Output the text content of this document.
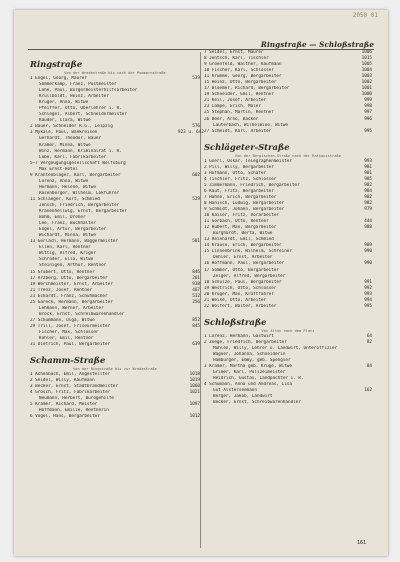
2050 01
Ringstraße — Schloßstraße
Ringstraße
Von der Wredestraße bis nach der Pommernstraße
1 Engel, Georg, Maurer	539
Sommerkamp, Franz, Postmeister
Lohe, Paul, Bürgermeisterhilfsarbeiter
Krullboldt, Heinz, Arbeiter
Krüger, Anna, Witwe
Pfeiffer, Otto, Oberlehrer i. R.
Schlegel, Albert, Schneidermeister
Kauder, Clara, Witwe
2 Bauer, Schneider R.G., Leipzig	576
3 Mykale, Paul, Bankreisen	923 u. 642
Gerhardt, Theodor, Bauer
Krämer, Minna, Witwe
Winz, Hermann, Kriminalrat i. R.
Lube, Karl, Fabrikarbeiter
5—7 Vergnügungsgesellschaft Wolfsburg
Max Ernst-Hotel
9 Krantenbläger, Karl, Bergarbeiter	602
Lorenz, Anna, Witwe
Hermann, Helene, Witwe
Rosenberger, Wilhelm, Lokführer
11 Schlaeger, Kurt, Schmied	529
Jensch, Friedrich, Bergarbeiter
Kranenhellwig, Ernst, Bergarbeiter
Böhm, Emil, Dreher
Lee, Franz, Buchhalter
Engel, Artur, Bergarbeiter
Wichardt, Minna, Witwe
13 Gerlach, Hermann, Baggermeister	501
Ellen, Karl, Rentner
Wittig, Alfred, Kriger
Schröder, Ella, Witwe
Steinigen, Arthur, Rentner
15 Grubert, Otto, Rentner	846
17 Arzberg, Otto, Bergarbeiter	201
19 Werchmeister, Ernst, Arbeiter	938
21 Trenz, Josef, Rentner	467
23 Eckardt, Franz, Schuhmacher	532
25 Gareck, Hermann, Bergarbeiter	256
Lehmann, Werner, Arbeiter
Brock, Ernst, Schreibwarenhändler
27 Schummann, Olga, Witwe	852
29 Trill, Josef, Friseurmeister	845
Fischer, Max, Schlosser
Köhler, Emil, Rentner
31 Dietrich, Paul, Bergarbeiter	639
Schamm-Straße
Von der Ringstraße bis zur Wredestraße
1 Achenbach, Emil, Angestellter	1018
2 Seidel, Willy, Kaufmann	1019
3 Becker, Ernst, Stadtbrandmeister	1060
4 Grosch, Fritz, Fabrikarbeiter	1021
Neumann, Herbert, Bürogehilfe
5 Kramer, Richard, Meister	1097
Hoffmann, Emilie, Rentnerin
6 Vogel, Hans, Bergarbeiter	1012
7 Seidel, Ernst, Maurer	1006
8 Jentsch, Karl, Tischler	1015
9 Groenfeld, Walther, Kaufmann	1005
10 Fischer, Karl, Schlosser	1004
11 Krumme, Georg, Bergarbeiter	1003
15 Heinz, Otto, Bergarbeiter	1002
17 Bloemer, Richard, Bergarbeiter	1001
19 Schneider, Emil, Rentner	1000
21 Keil, Josef, Arbeiter	999
23 Lampe, Erich, Maler	998
25 Stephan, Martin, Rentner	997
26 Beer, Arno, Bäcker	996
Lauterbach, Wilhelmine, Witwe
27 Schmidt, Karl, Arbeiter	995
Schlägeter-Straße
Von der Bergischen-Straße nach der Rathausstraße
1 Gnerl, Oskar, Telegraphenmeister	993
2 Pill, Willy, Bergarbeiter	981
3 Hofmann, Otto, Schäfer	981
4 Tischler, Fritz, Schlosser	985
5 Zimmermann, Friedrich, Bergarbeiter	982
6 Kaut, Fritz, Bergarbeiter	984
7 Hähne, Erich, Bergarbeiter	982
8 Hanisch, Ludwig, Bergarbeiter	982
9 Schmidt, Johann, Bergarbeiter	979
10 Kaiser, Fritz, Vorarbeiter
11 Gorbach, Otto, Rentner	444
12 Hubert, Max, Bergarbeiter	988
Burghardt, Berta, Witwe
13 Reinhardt, Emil, Schmied
14 Krause, Erich, Bergarbeiter	989
15 Linnenbrink, Wilhelm, Schreiner	990
Dehler, Ernst, Arbeiter
16 Hoffmann, Paul, Bergarbeiter	990
17 Sommer, Otto, Bergarbeiter
Zelger, Alfred, Bergarbeiter
18 Schulze, Paul, Bergarbeiter	991
19 Westrich, Otto, Schlosser	992
20 Krüger, Max, Kraftfahrer	993
21 Weise, Otto, Arbeiter	994
22 Wolfert, Walter, Arbeiter	995
Schloßstraße
Von Alten nach dem Platz
1 Lorenz, Hermann, Gastwirt	64
2 Zoege, Friedrich, Bergarbeiter	82
Mühlen, Willy, Lehrer u. Landwirt, Unteroffizier
Wagner, Johanna, Schneiderin
Hamburger, Emmy, geb. Spengler
3 Krämer, Martha geb. Krüge, Witwe	84
Grimer, Karl, Polizeimeister
Heidrich, Gustav, Landpächter i. R.
4 Schumann, Anna und Andreas, Lisa
Gut Alsterseemann	162
Berger, Jakob, Landwirt
Becker, Ernst, Schreibwarenhändler
161
